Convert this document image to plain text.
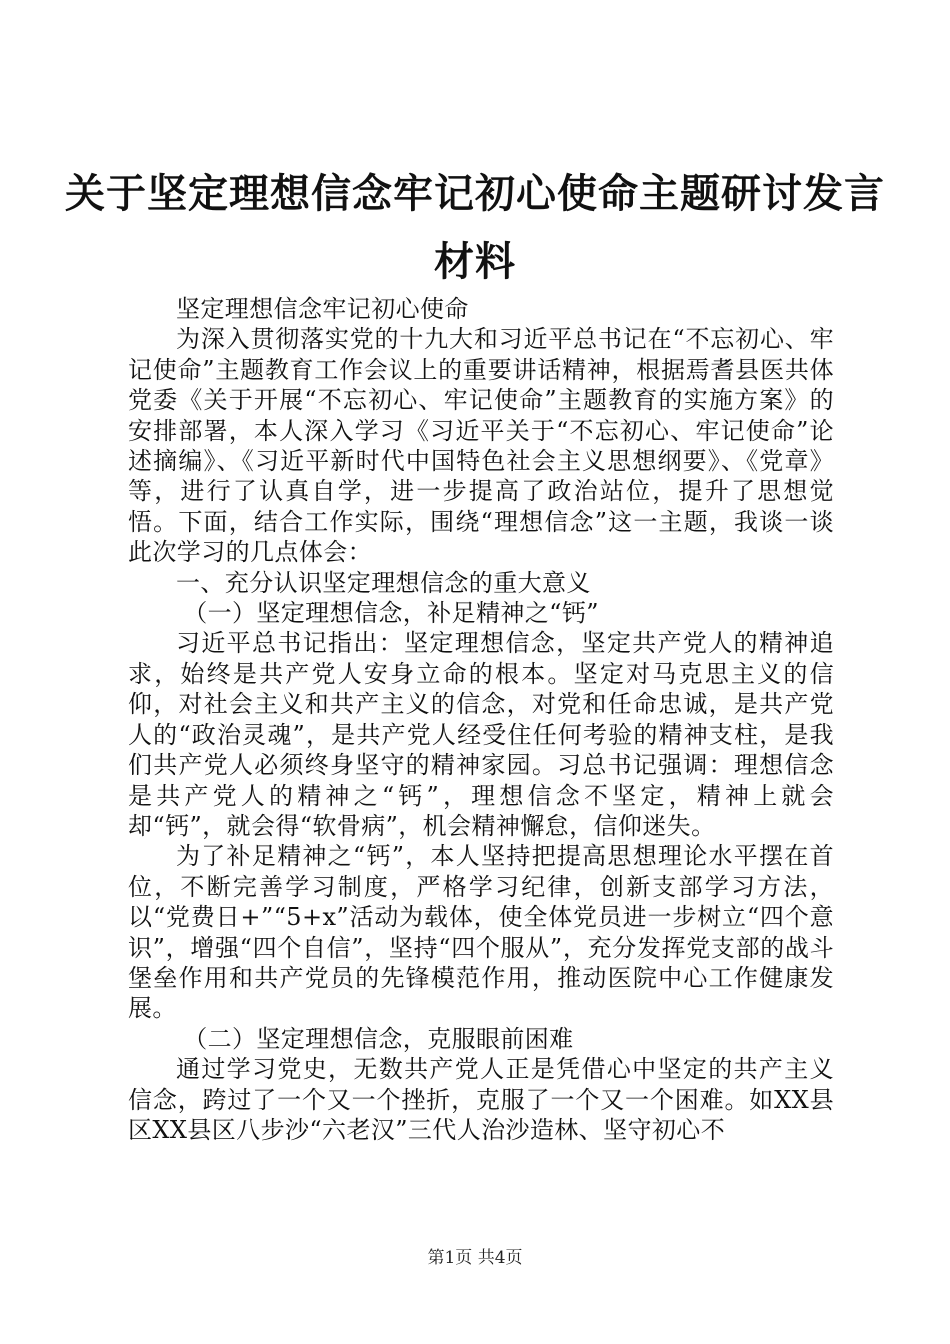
关于坚定理想信念牢记初心使命主题研讨发言材料

坚定理想信念牢记初心使命

为深入贯彻落实党的十九大和习近平总书记在“不忘初心、牢记使命”主题教育工作会议上的重要讲话精神，根据焉耆县医共体党委《关于开展“不忘初心、牢记使命”主题教育的实施方案》的安排部署，本人深入学习《习近平关于“不忘初心、牢记使命”论述摘编》、《习近平新时代中国特色社会主义思想纲要》、《党章》等，进行了认真自学，进一步提高了政治站位，提升了思想觉悟。下面，结合工作实际，围绕“理想信念”这一主题，我谈一谈此次学习的几点体会：

一、充分认识坚定理想信念的重大意义

（一）坚定理想信念，补足精神之“钙”

习近平总书记指出：坚定理想信念，坚定共产党人的精神追求，始终是共产党人安身立命的根本。坚定对马克思主义的信仰，对社会主义和共产主义的信念，对党和任命忠诚，是共产党人的“政治灵魂”，是共产党人经受住任何考验的精神支柱，是我们共产党人必须终身坚守的精神家园。习总书记强调：理想信念是共产党人的精神之“钙”，理想信念不坚定，精神上就会却“钙”，就会得“软骨病”，机会精神懈怠，信仰迷失。

为了补足精神之“钙”，本人坚持把提高思想理论水平摆在首位，不断完善学习制度，严格学习纪律，创新支部学习方法，以“党费日+”“5+x”活动为载体，使全体党员进一步树立“四个意识”，增强“四个自信”，坚持“四个服从”，充分发挥党支部的战斗堡垒作用和共产党员的先锋模范作用，推动医院中心工作健康发展。

（二）坚定理想信念，克服眼前困难

通过学习党史，无数共产党人正是凭借心中坚定的共产主义信念，跨过了一个又一个挫折，克服了一个又一个困难。如XX县区XX县区八步沙“六老汉”三代人治沙造林、坚守初心不

第1页 共4页
